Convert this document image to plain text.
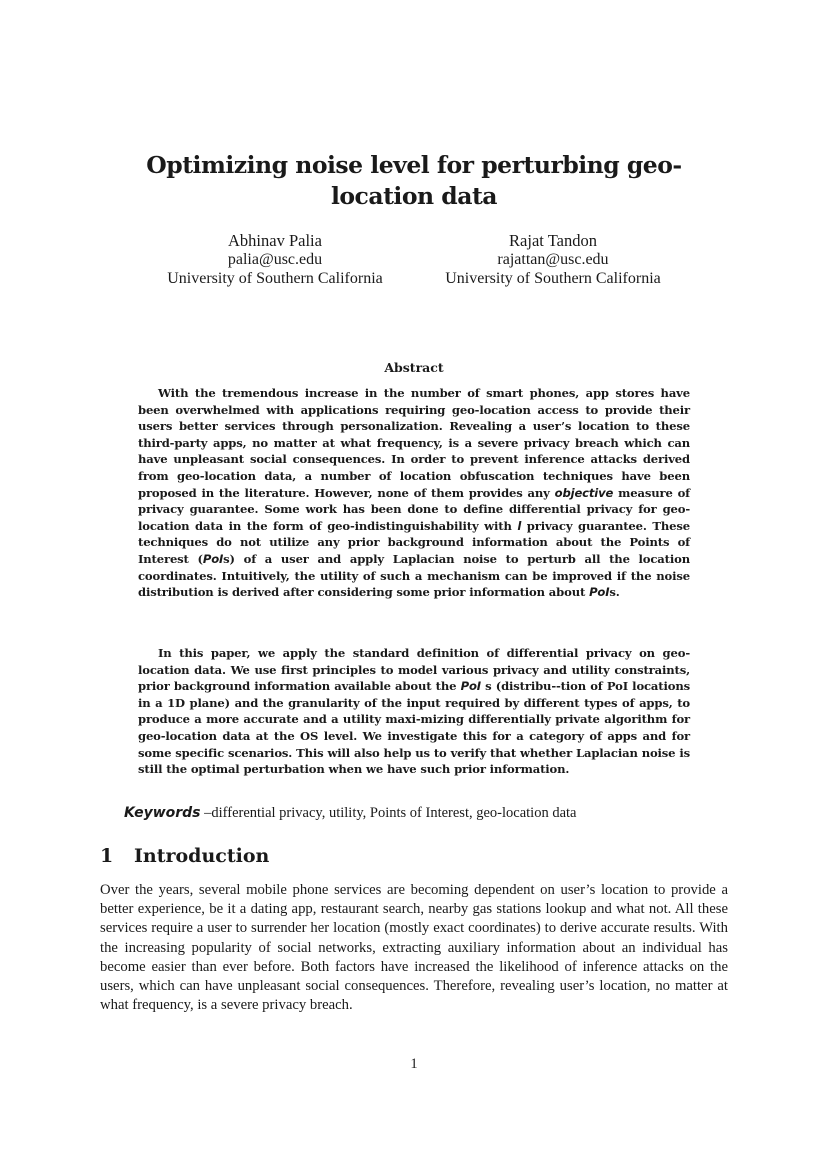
Optimizing noise level for perturbing geo-location data
Abhinav Palia
palia@usc.edu
University of Southern California
Rajat Tandon
rajattan@usc.edu
University of Southern California
Abstract

With the tremendous increase in the number of smart phones, app stores have been overwhelmed with applications requiring geo-location access to provide their users better services through personalization. Revealing a user’s location to these third-party apps, no matter at what frequency, is a severe privacy breach which can have unpleasant social consequences. In order to prevent inference attacks derived from geo-location data, a number of location obfuscation techniques have been proposed in the literature. However, none of them provides any objective measure of privacy guarantee. Some work has been done to define differential privacy for geo-location data in the form of geo-indistinguishability with l privacy guarantee. These techniques do not utilize any prior background information about the Points of Interest (PoIs) of a user and apply Laplacian noise to perturb all the location coordinates. Intuitively, the utility of such a mechanism can be improved if the noise distribution is derived after considering some prior information about PoIs.

In this paper, we apply the standard definition of differential privacy on geo-location data. We use first principles to model various privacy and utility constraints, prior background information available about the PoI s (distribu--tion of PoI locations in a 1D plane) and the granularity of the input required by different types of apps, to produce a more accurate and a utility maxi-mizing differentially private algorithm for geo-location data at the OS level. We investigate this for a category of apps and for some specific scenarios. This will also help us to verify that whether Laplacian noise is still the optimal perturbation when we have such prior information.

Keywords –differential privacy, utility, Points of Interest, geo-location data

1 Introduction

Over the years, several mobile phone services are becoming dependent on user’s location to provide a better experience, be it a dating app, restaurant search, nearby gas stations lookup and what not. All these services require a user to surrender her location (mostly exact coordinates) to derive accurate results. With the increasing popularity of social networks, extracting auxiliary information about an individual has become easier than ever before. Both factors have increased the likelihood of inference attacks on the users, which can have unpleasant social consequences. Therefore, revealing user’s location, no matter at what frequency, is a severe privacy breach.

1
